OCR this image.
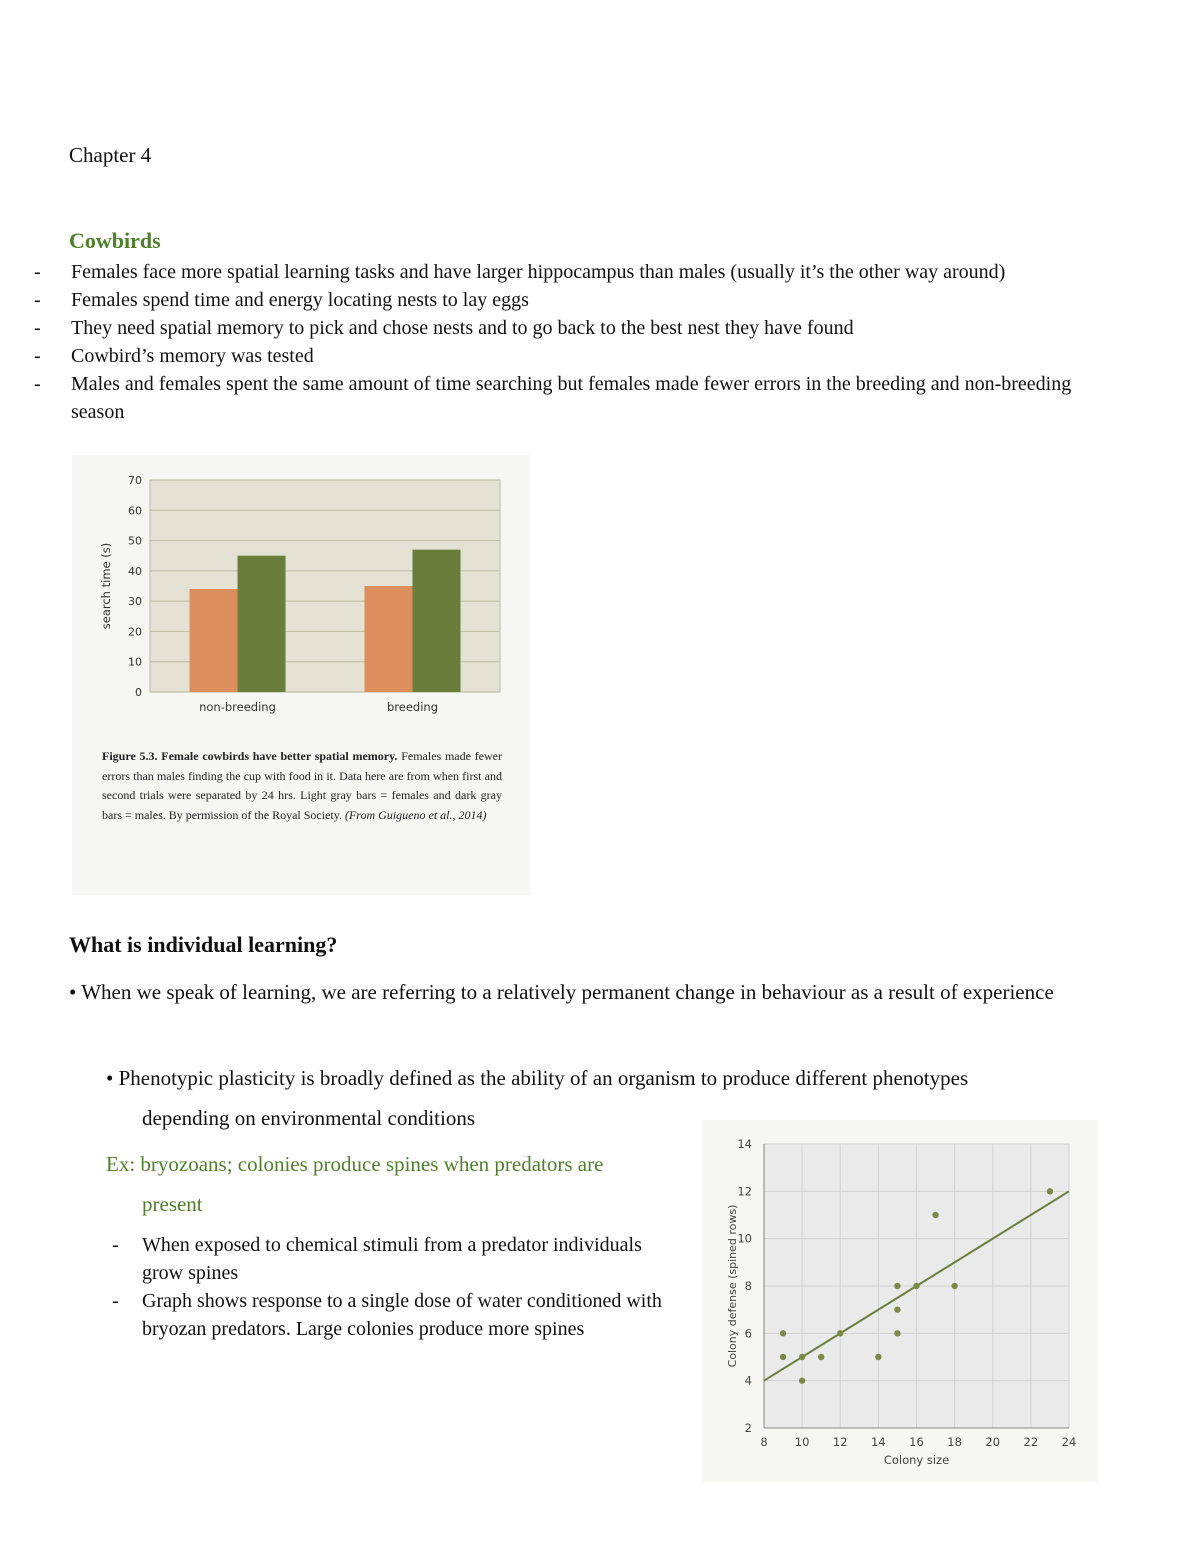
Chapter 4
Cowbirds
- Females face more spatial learning tasks and have larger hippocampus than males (usually it’s the other way around)
- Females spend time and energy locating nests to lay eggs
- They need spatial memory to pick and chose nests and to go back to the best nest they have found
- Cowbird’s memory was tested
- Males and females spent the same amount of time searching but females made fewer errors in the breeding and non-breeding season
0
10
20
30
40
50
60
70
search time (s)
non-breeding	breeding
Figure 5.3. Female cowbirds have better spatial memory. Females made fewer errors than males finding the cup with food in it. Data here are from when first and second trials were separated by 24 hrs. Light gray bars = females and dark gray bars = males. By permission of the Royal Society. (From Guigueno et al., 2014)
What is individual learning?
• When we speak of learning, we are referring to a relatively permanent change in behaviour as a result of experience
• Phenotypic plasticity is broadly defined as the ability of an organism to produce different phenotypes
depending on environmental conditions
Ex: bryozoans; colonies produce spines when predators are
present
- When exposed to chemical stimuli from a predator individuals grow spines
- Graph shows response to a single dose of water conditioned with bryozan predators. Large colonies produce more spines
8 10 12 14 16 18 20 22 24
2
4
6
8
10
12
14
Colony size
Colony defense (spined rows)
